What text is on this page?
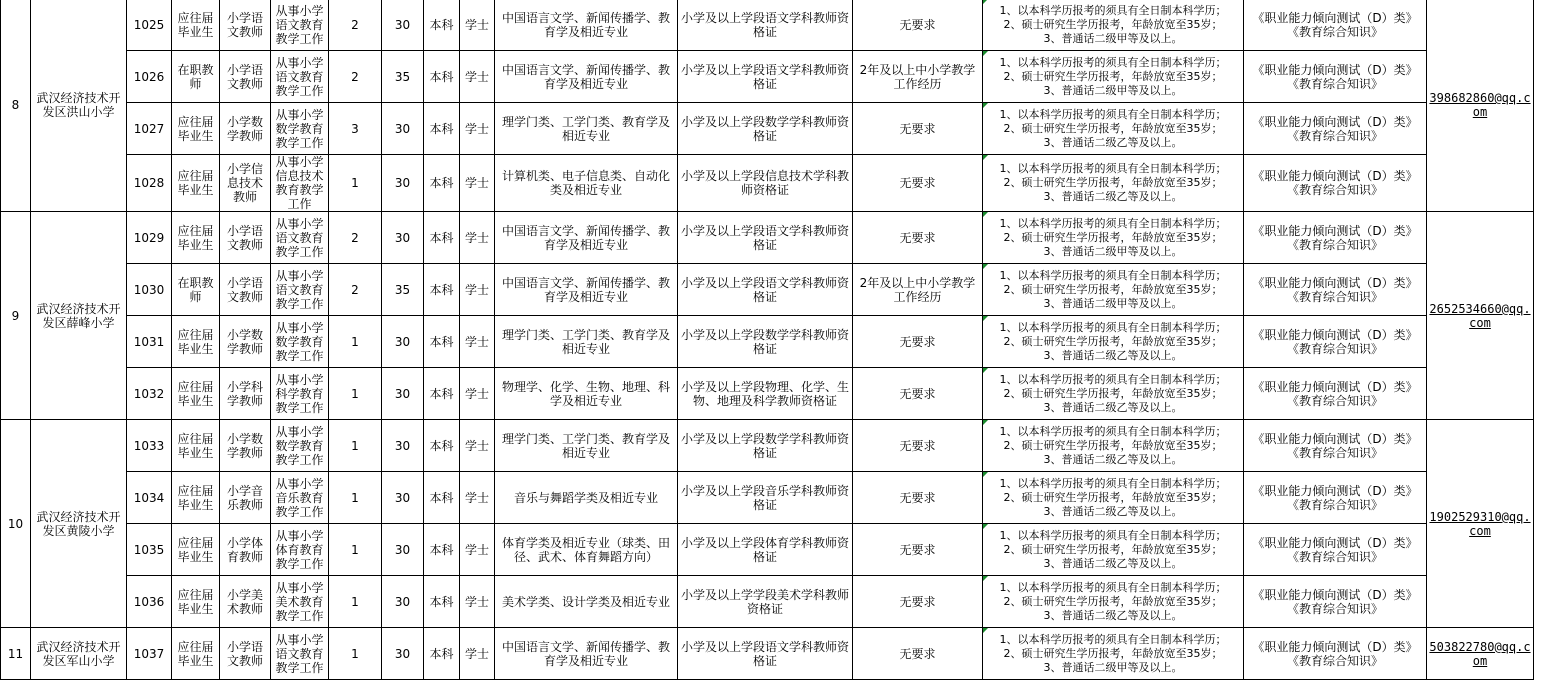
8	武汉经济技术开发区洪山小学	1025	应往届毕业生	小学语文教师	从事小学语文教育教学工作	2	30	本科	学士	中国语言文学、新闻传播学、教育学及相近专业	小学及以上学段语文学科教师资格证	无要求	1、以本科学历报考的须具有全日制本科学历；
2、硕士研究生学历报考，年龄放宽至35岁；
3、普通话二级甲等及以上。	《职业能力倾向测试（D）类》《教育综合知识》	398682860@qq.com
		1026	在职教师	小学语文教师	从事小学语文教育教学工作	2	35	本科	学士	中国语言文学、新闻传播学、教育学及相近专业	小学及以上学段语文学科教师资格证	2年及以上中小学教学工作经历	1、以本科学历报考的须具有全日制本科学历；
2、硕士研究生学历报考，年龄放宽至35岁；
3、普通话二级甲等及以上。	《职业能力倾向测试（D）类》《教育综合知识》	
		1027	应往届毕业生	小学数学教师	从事小学数学教育教学工作	3	30	本科	学士	理学门类、工学门类、教育学及相近专业	小学及以上学段数学学科教师资格证	无要求	1、以本科学历报考的须具有全日制本科学历；
2、硕士研究生学历报考，年龄放宽至35岁；
3、普通话二级乙等及以上。	《职业能力倾向测试（D）类》《教育综合知识》	
		1028	应往届毕业生	小学信息技术教师	从事小学信息技术教育教学工作	1	30	本科	学士	计算机类、电子信息类、自动化类及相近专业	小学及以上学段信息技术学科教师资格证	无要求	1、以本科学历报考的须具有全日制本科学历；
2、硕士研究生学历报考，年龄放宽至35岁；
3、普通话二级乙等及以上。	《职业能力倾向测试（D）类》《教育综合知识》	
9	武汉经济技术开发区薛峰小学	1029	应往届毕业生	小学语文教师	从事小学语文教育教学工作	2	30	本科	学士	中国语言文学、新闻传播学、教育学及相近专业	小学及以上学段语文学科教师资格证	无要求	1、以本科学历报考的须具有全日制本科学历；
2、硕士研究生学历报考，年龄放宽至35岁；
3、普通话二级甲等及以上。	《职业能力倾向测试（D）类》《教育综合知识》	2652534660@qq.com
		1030	在职教师	小学语文教师	从事小学语文教育教学工作	2	35	本科	学士	中国语言文学、新闻传播学、教育学及相近专业	小学及以上学段语文学科教师资格证	2年及以上中小学教学工作经历	1、以本科学历报考的须具有全日制本科学历；
2、硕士研究生学历报考，年龄放宽至35岁；
3、普通话二级甲等及以上。	《职业能力倾向测试（D）类》《教育综合知识》	
		1031	应往届毕业生	小学数学教师	从事小学数学教育教学工作	1	30	本科	学士	理学门类、工学门类、教育学及相近专业	小学及以上学段数学学科教师资格证	无要求	1、以本科学历报考的须具有全日制本科学历；
2、硕士研究生学历报考，年龄放宽至35岁；
3、普通话二级乙等及以上。	《职业能力倾向测试（D）类》《教育综合知识》	
		1032	应往届毕业生	小学科学教师	从事小学科学教育教学工作	1	30	本科	学士	物理学、化学、生物、地理、科学及相近专业	小学及以上学段物理、化学、生物、地理及科学教师资格证	无要求	1、以本科学历报考的须具有全日制本科学历；
2、硕士研究生学历报考，年龄放宽至35岁；
3、普通话二级乙等及以上。	《职业能力倾向测试（D）类》《教育综合知识》	
10	武汉经济技术开发区黄陵小学	1033	应往届毕业生	小学数学教师	从事小学数学教育教学工作	1	30	本科	学士	理学门类、工学门类、教育学及相近专业	小学及以上学段数学学科教师资格证	无要求	1、以本科学历报考的须具有全日制本科学历；
2、硕士研究生学历报考，年龄放宽至35岁；
3、普通话二级乙等及以上。	《职业能力倾向测试（D）类》《教育综合知识》	1902529310@qq.com
		1034	应往届毕业生	小学音乐教师	从事小学音乐教育教学工作	1	30	本科	学士	音乐与舞蹈学类及相近专业	小学及以上学段音乐学科教师资格证	无要求	1、以本科学历报考的须具有全日制本科学历；
2、硕士研究生学历报考，年龄放宽至35岁；
3、普通话二级乙等及以上。	《职业能力倾向测试（D）类》《教育综合知识》	
		1035	应往届毕业生	小学体育教师	从事小学体育教育教学工作	1	30	本科	学士	体育学类及相近专业（球类、田径、武术、体育舞蹈方向）	小学及以上学段体育学科教师资格证	无要求	1、以本科学历报考的须具有全日制本科学历；
2、硕士研究生学历报考，年龄放宽至35岁；
3、普通话二级乙等及以上。	《职业能力倾向测试（D）类》《教育综合知识》	
		1036	应往届毕业生	小学美术教师	从事小学美术教育教学工作	1	30	本科	学士	美术学类、设计学类及相近专业	小学及以上学学段美术学科教师资格证	无要求	1、以本科学历报考的须具有全日制本科学历；
2、硕士研究生学历报考，年龄放宽至35岁；
3、普通话二级乙等及以上。	《职业能力倾向测试（D）类》《教育综合知识》	
11	武汉经济技术开发区军山小学	1037	应往届毕业生	小学语文教师	从事小学语文教育教学工作	1	30	本科	学士	中国语言文学、新闻传播学、教育学及相近专业	小学及以上学段语文学科教师资格证	无要求	1、以本科学历报考的须具有全日制本科学历；
2、硕士研究生学历报考，年龄放宽至35岁；
3、普通话二级甲等及以上。	《职业能力倾向测试（D）类》《教育综合知识》	503822780@qq.com
